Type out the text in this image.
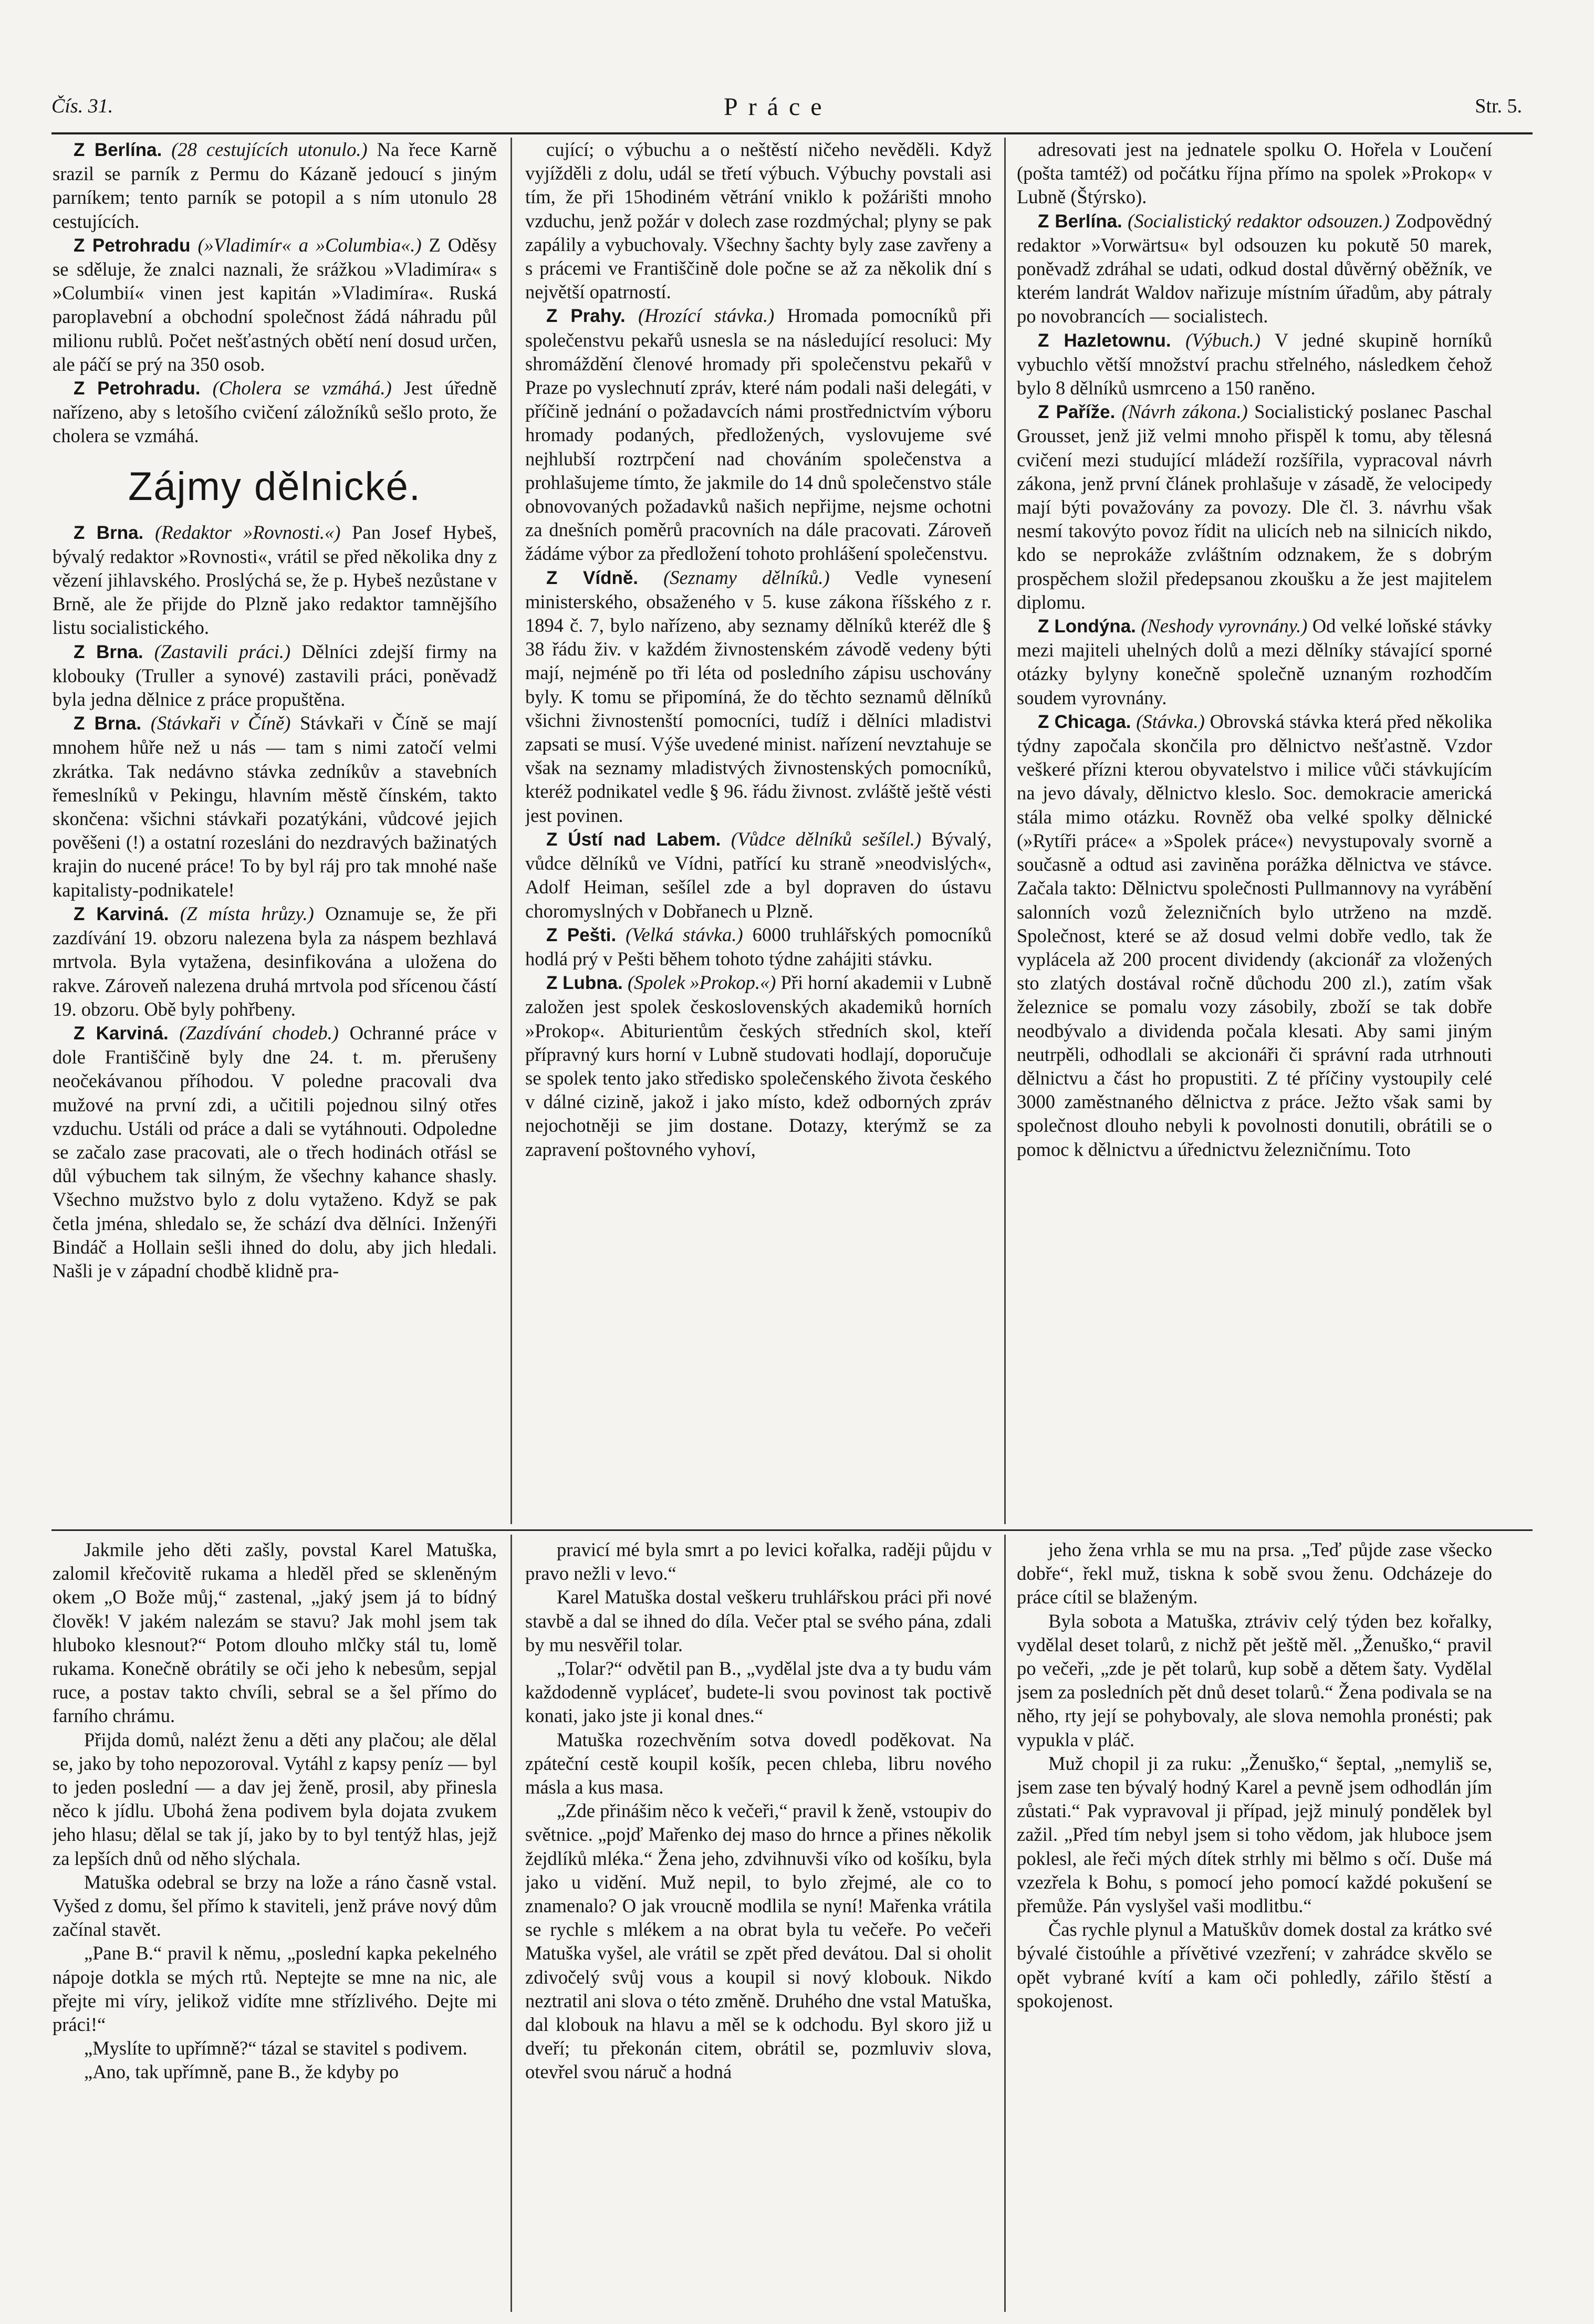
Čís. 31.	Práce	Str. 5.

Z Berlína. (28 cestujících utonulo.) Na řece Karně srazil se parník z Permu do Kázaně jedoucí s jiným parníkem; tento parník se potopil a s ním utonulo 28 cestujících.

Z Petrohradu (»Vladimír« a »Columbia«.) Z Oděsy se sděluje, že znalci naznali, že srážkou »Vladimíra« s »Columbií« vinen jest kapitán »Vladimíra«. Ruská paroplavební a obchodní společnost žádá náhradu půl milionu rublů. Počet nešťastných obětí není dosud určen, ale páčí se prý na 350 osob.

Z Petrohradu. (Cholera se vzmáhá.) Jest úředně nařízeno, aby s letošího cvičení záložníků sešlo proto, že cholera se vzmáhá.

Zájmy dělnické.

Z Brna. (Redaktor »Rovnosti.«) Pan Josef Hybeš, bývalý redaktor »Rovnosti«, vrátil se před několika dny z vězení jihlavského. Proslýchá se, že p. Hybeš nezůstane v Brně, ale že přijde do Plzně jako redaktor tamnějšího listu socialistického.

Z Brna. (Zastavili práci.) Dělníci zdejší firmy na klobouky (Truller a synové) zastavili práci, poněvadž byla jedna dělnice z práce propuštěna.

Z Brna. (Stávkaři v Číně) Stávkaři v Číně se mají mnohem hůře než u nás — tam s nimi zatočí velmi zkrátka. Tak nedávno stávka zedníkův a stavebních řemeslníků v Pekingu, hlavním městě čínském, takto skončena: všichni stávkaři pozatýkáni, vůdcové jejich pověšeni (!) a ostatní rozesláni do nezdravých bažinatých krajin do nucené práce! To by byl ráj pro tak mnohé naše kapitalisty-podnikatele!

Z Karviná. (Z místa hrůzy.) Oznamuje se, že při zazdívání 19. obzoru nalezena byla za náspem bezhlavá mrtvola. Byla vytažena, desinfikována a uložena do rakve. Zároveň nalezena druhá mrtvola pod sřícenou částí 19. obzoru. Obě byly pohřbeny.

Z Karviná. (Zazdívání chodeb.) Ochranné práce v dole Františčině byly dne 24. t. m. přerušeny neočekávanou příhodou. V poledne pracovali dva mužové na první zdi, a učitili pojednou silný otřes vzduchu. Ustáli od práce a dali se vytáhnouti. Odpoledne se začalo zase pracovati, ale o třech hodinách otřásl se důl výbuchem tak silným, že všechny kahance shasly. Všechno mužstvo bylo z dolu vytaženo. Když se pak četla jména, shledalo se, že schází dva dělníci. Inženýři Bindáč a Hollain sešli ihned do dolu, aby jich hledali. Našli je v západní chodbě klidně pra-

cující; o výbuchu a o neštěstí ničeho nevěděli. Když vyjížděli z dolu, udál se třetí výbuch. Výbuchy povstali asi tím, že při 15hodiném větrání vniklo k požárišti mnoho vzduchu, jenž požár v dolech zase rozdmýchal; plyny se pak zapálily a vybuchovaly. Všechny šachty byly zase zavřeny a s prácemi ve Františčině dole počne se až za několik dní s největší opatrností.

Z Prahy. (Hrozící stávka.) Hromada pomocníků při společenstvu pekařů usnesla se na následující resoluci: My shromáždění členové hromady při společenstvu pekařů v Praze po vyslechnutí zpráv, které nám podali naši delegáti, v příčině jednání o požadavcích námi prostřednictvím výboru hromady podaných, předložených, vyslovujeme své nejhlubší roztrpčení nad chováním společenstva a prohlašujeme tímto, že jakmile do 14 dnů společenstvo stále obnovovaných požadavků našich nepřijme, nejsme ochotni za dnešních poměrů pracovních na dále pracovati. Zároveň žádáme výbor za předložení tohoto prohlášení společenstvu.

Z Vídně. (Seznamy dělníků.) Vedle vynesení ministerského, obsaženého v 5. kuse zákona říšského z r. 1894 č. 7, bylo nařízeno, aby seznamy dělníků kteréž dle § 38 řádu živ. v každém živnostenském závodě vedeny býti mají, nejméně po tři léta od posledního zápisu uschovány byly. K tomu se připomíná, že do těchto seznamů dělníků všichni živnostenští pomocníci, tudíž i dělníci mladistvi zapsati se musí. Výše uvedené minist. nařízení nevztahuje se však na seznamy mladistvých živnostenských pomocníků, kteréž podnikatel vedle § 96. řádu živnost. zvláště ještě vésti jest povinen.

Z Ústí nad Labem. (Vůdce dělníků sešílel.) Bývalý, vůdce dělníků ve Vídni, patřící ku straně »neodvislých«, Adolf Heiman, sešílel zde a byl dopraven do ústavu choromyslných v Dobřanech u Plzně.

Z Pešti. (Velká stávka.) 6000 truhlářských pomocníků hodlá prý v Pešti během tohoto týdne zahájiti stávku.

Z Lubna. (Spolek »Prokop.«) Při horní akademii v Lubně založen jest spolek československých akademiků horních »Prokop«. Abiturientům českých středních skol, kteří přípravný kurs horní v Lubně studovati hodlají, doporučuje se spolek tento jako středisko společenského života českého v dálné cizině, jakož i jako místo, kdež odborných zpráv nejochotněji se jim dostane. Dotazy, kterýmž se za zapravení poštovného vyhoví,

adresovati jest na jednatele spolku O. Hořela v Loučení (pošta tamtéž) od počátku října přímo na spolek »Prokop« v Lubně (Štýrsko).

Z Berlína. (Socialistický redaktor odsouzen.) Zodpovědný redaktor »Vorwärtsu« byl odsouzen ku pokutě 50 marek, poněvadž zdráhal se udati, odkud dostal důvěrný oběžník, ve kterém landrát Waldov nařizuje místním úřadům, aby pátraly po novobrancích — socialistech.

Z Hazletownu. (Výbuch.) V jedné skupině horníků vybuchlo větší množství prachu střelného, následkem čehož bylo 8 dělníků usmrceno a 150 raněno.

Z Paříže. (Návrh zákona.) Socialistický poslanec Paschal Grousset, jenž již velmi mnoho přispěl k tomu, aby tělesná cvičení mezi studující mládeží rozšířila, vypracoval návrh zákona, jenž první článek prohlašuje v zásadě, že velocipedy mají býti považovány za povozy. Dle čl. 3. návrhu však nesmí takovýto povoz řídit na ulicích neb na silnicích nikdo, kdo se neprokáže zvláštním odznakem, že s dobrým prospěchem složil předepsanou zkoušku a že jest majitelem diplomu.

Z Londýna. (Neshody vyrovnány.) Od velké loňské stávky mezi majiteli uhelných dolů a mezi dělníky stávající sporné otázky bylyny konečně společně uznaným rozhodčím soudem vyrovnány.

Z Chicaga. (Stávka.) Obrovská stávka která před několika týdny započala skončila pro dělnictvo nešťastně. Vzdor veškeré přízni kterou obyvatelstvo i milice vůči stávkujícím na jevo dávaly, dělnictvo kleslo. Soc. demokracie americká stála mimo otázku. Rovněž oba velké spolky dělnické (»Rytíři práce« a »Spolek práce«) nevystupovaly svorně a současně a odtud asi zaviněna porážka dělnictva ve stávce. Začala takto: Dělnictvu společnosti Pullmannovy na vyrábění salonních vozů železničních bylo utrženo na mzdě. Společnost, které se až dosud velmi dobře vedlo, tak že vyplácela až 200 procent dividendy (akcionář za vložených sto zlatých dostával ročně důchodu 200 zl.), zatím však železnice se pomalu vozy zásobily, zboží se tak dobře neodbývalo a dividenda počala klesati. Aby sami jiným neutrpěli, odhodlali se akcionáři či správní rada utrhnouti dělnictvu a část ho propustiti. Z té příčiny vystoupily celé 3000 zaměstnaného dělnictva z práce. Ježto však sami by společnost dlouho nebyli k povolnosti donutili, obrátili se o pomoc k dělnictvu a úřednictvu železničnímu. Toto

Jakmile jeho děti zašly, povstal Karel Matuška, zalomil křečovitě rukama a hleděl před se skleněným okem „O Bože můj,“ zastenal, „jaký jsem já to bídný člověk! V jakém nalezám se stavu? Jak mohl jsem tak hluboko klesnout?“ Potom dlouho mlčky stál tu, lomě rukama. Konečně obrátily se oči jeho k nebesům, sepjal ruce, a postav takto chvíli, sebral se a šel přímo do farního chrámu.

Přijda domů, nalézt ženu a děti any plačou; ale dělal se, jako by toho nepozoroval. Vytáhl z kapsy peníz — byl to jeden poslední — a dav jej ženě, prosil, aby přinesla něco k jídlu. Ubohá žena podivem byla dojata zvukem jeho hlasu; dělal se tak jí, jako by to byl tentýž hlas, jejž za lepších dnů od něho slýchala.

Matuška odebral se brzy na lože a ráno časně vstal. Vyšed z domu, šel přímo k staviteli, jenž práve nový dům začínal stavět.

„Pane B.“ pravil k němu, „poslední kapka pekelného nápoje dotkla se mých rtů. Neptejte se mne na nic, ale přejte mi víry, jelikož vidíte mne střízlivého. Dejte mi práci!“

„Myslíte to upřímně?“ tázal se stavitel s podivem.

„Ano, tak upřímně, pane B., že kdyby po

pravicí mé byla smrt a po levici kořalka, raději půjdu v pravo nežli v levo.“

Karel Matuška dostal veškeru truhlářskou práci při nové stavbě a dal se ihned do díla. Večer ptal se svého pána, zdali by mu nesvěřil tolar.

„Tolar?“ odvětil pan B., „vydělal jste dva a ty budu vám každodenně vypláceť, budete-li svou povinost tak poctivě konati, jako jste ji konal dnes.“

Matuška rozechvěním sotva dovedl poděkovat. Na zpáteční cestě koupil košík, pecen chleba, libru nového másla a kus masa.

„Zde přinášim něco k večeři,“ pravil k ženě, vstoupiv do světnice. „pojď Mařenko dej maso do hrnce a přines několik žejdlíků mléka.“ Žena jeho, zdvihnuvši víko od košíku, byla jako u vidění. Muž nepil, to bylo zřejmé, ale co to znamenalo? O jak vroucně modlila se nyní! Mařenka vrátila se rychle s mlékem a na obrat byla tu večeře. Po večeři Matuška vyšel, ale vrátil se zpět před devátou. Dal si oholit zdivočelý svůj vous a koupil si nový klobouk. Nikdo neztratil ani slova o této změně. Druhého dne vstal Matuška, dal klobouk na hlavu a měl se k odchodu. Byl skoro již u dveří; tu překonán citem, obrátil se, pozmluviv slova, otevřel svou náruč a hodná

jeho žena vrhla se mu na prsa. „Teď půjde zase všecko dobře“, řekl muž, tiskna k sobě svou ženu. Odcházeje do práce cítil se blaženým.

Byla sobota a Matuška, ztráviv celý týden bez kořalky, vydělal deset tolarů, z nichž pět ještě měl. „Ženuško,“ pravil po večeři, „zde je pět tolarů, kup sobě a dětem šaty. Vydělal jsem za posledních pět dnů deset tolarů.“ Žena podivala se na něho, rty její se pohybovaly, ale slova nemohla pronésti; pak vypukla v pláč.

Muž chopil ji za ruku: „Ženuško,“ šeptal, „nemyliš se, jsem zase ten bývalý hodný Karel a pevně jsem odhodlán jím zůstati.“ Pak vypravoval ji případ, jejž minulý pondělek byl zažil. „Před tím nebyl jsem si toho vědom, jak hluboce jsem poklesl, ale řeči mých dítek strhly mi bělmo s očí. Duše má vzezřela k Bohu, s pomocí jeho pomocí každé pokušení se přemůže. Pán vyslyšel vaši modlitbu.“

Čas rychle plynul a Matuškův domek dostal za krátko své bývalé čistoúhle a přívětivé vzezření; v zahrádce skvělo se opět vybrané kvítí a kam oči pohledly, zářilo štěstí a spokojenost.
